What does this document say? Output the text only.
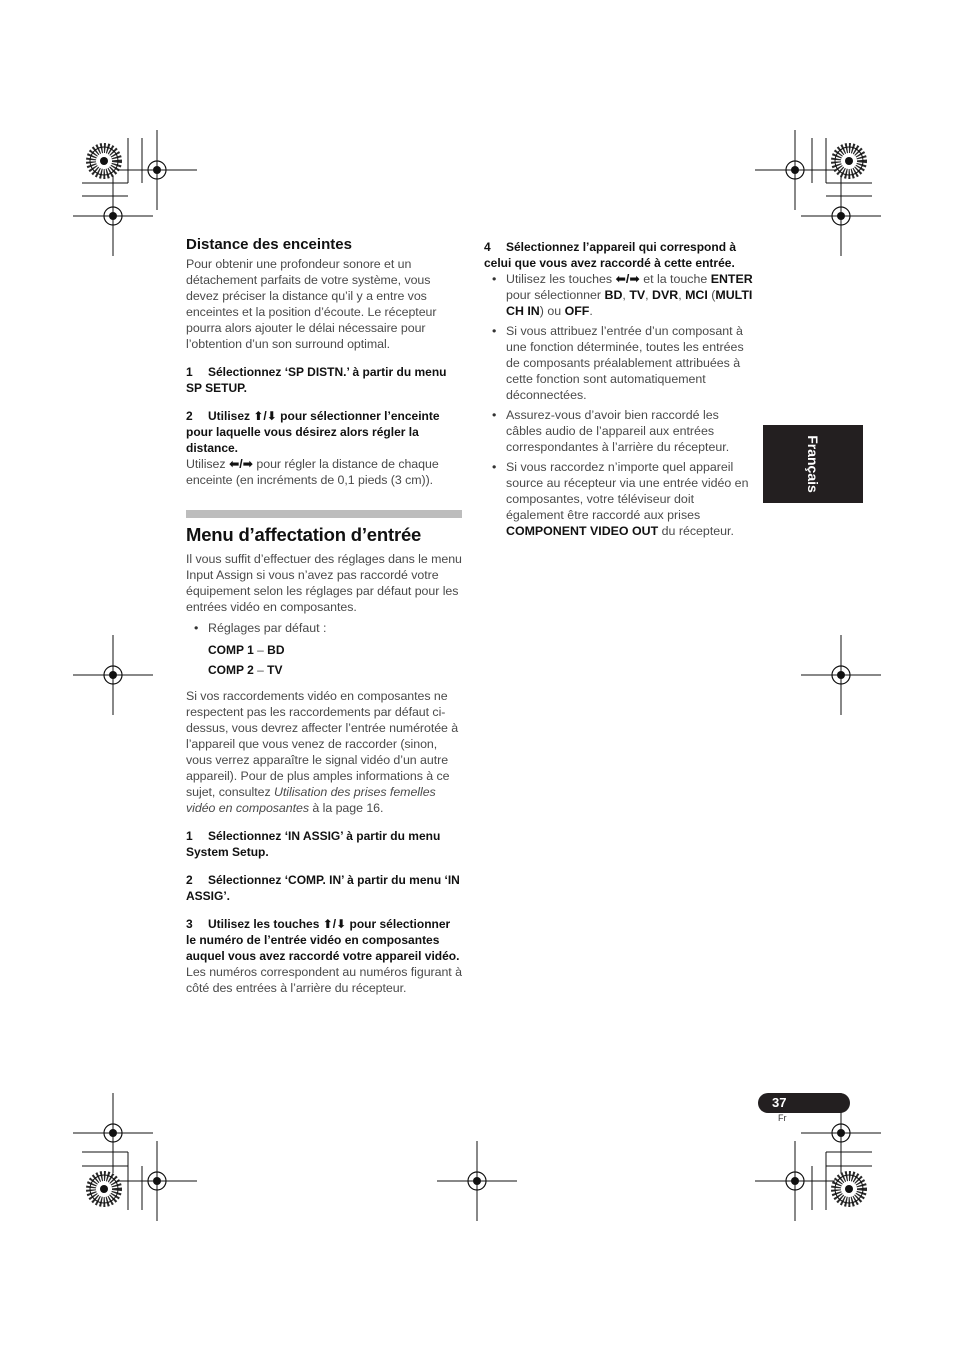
Distance des enceintes

Pour obtenir une profondeur sonore et un détachement parfaits de votre système, vous devez préciser la distance qu’il y a entre vos enceintes et la position d’écoute. Le récepteur pourra alors ajouter le délai nécessaire pour l’obtention d’un son surround optimal.

1 Sélectionnez ‘SP DISTN.’ à partir du menu SP SETUP.
2 Utilisez ⬆/⬇ pour sélectionner l’enceinte pour laquelle vous désirez alors régler la distance.

Utilisez ⬅/➡ pour régler la distance de chaque enceinte (en incréments de 0,1 pieds (3 cm)).

Menu d’affectation d’entrée

Il vous suffit d’effectuer des réglages dans le menu Input Assign si vous n’avez pas raccordé votre équipement selon les réglages par défaut pour les entrées vidéo en composantes.

• Réglages par défaut :
COMP 1 – BD
COMP 2 – TV

Si vos raccordements vidéo en composantes ne respectent pas les raccordements par défaut ci-dessus, vous devrez affecter l’entrée numérotée à l’appareil que vous venez de raccorder (sinon, vous verrez apparaître le signal vidéo d’un autre appareil). Pour de plus amples informations à ce sujet, consultez Utilisation des prises femelles vidéo en composantes à la page 16.

1 Sélectionnez ‘IN ASSIG’ à partir du menu System Setup.
2 Sélectionnez ‘COMP. IN’ à partir du menu ‘IN ASSIG’.
3 Utilisez les touches ⬆/⬇ pour sélectionner le numéro de l’entrée vidéo en composantes auquel vous avez raccordé votre appareil vidéo.

Les numéros correspondent au numéros figurant à côté des entrées à l’arrière du récepteur.

4 Sélectionnez l’appareil qui correspond à celui que vous avez raccordé à cette entrée.
• Utilisez les touches ⬅/➡ et la touche ENTER pour sélectionner BD, TV, DVR, MCI (MULTI CH IN) ou OFF.
• Si vous attribuez l’entrée d’un composant à une fonction déterminée, toutes les entrées de composants préalablement attribuées à cette fonction sont automatiquement déconnectées.
• Assurez-vous d’avoir bien raccordé les câbles audio de l’appareil aux entrées correspondantes à l’arrière du récepteur.
• Si vous raccordez n’importe quel appareil source au récepteur via une entrée vidéo en composantes, votre téléviseur doit également être raccordé aux prises COMPONENT VIDEO OUT du récepteur.
Français
37
Fr
